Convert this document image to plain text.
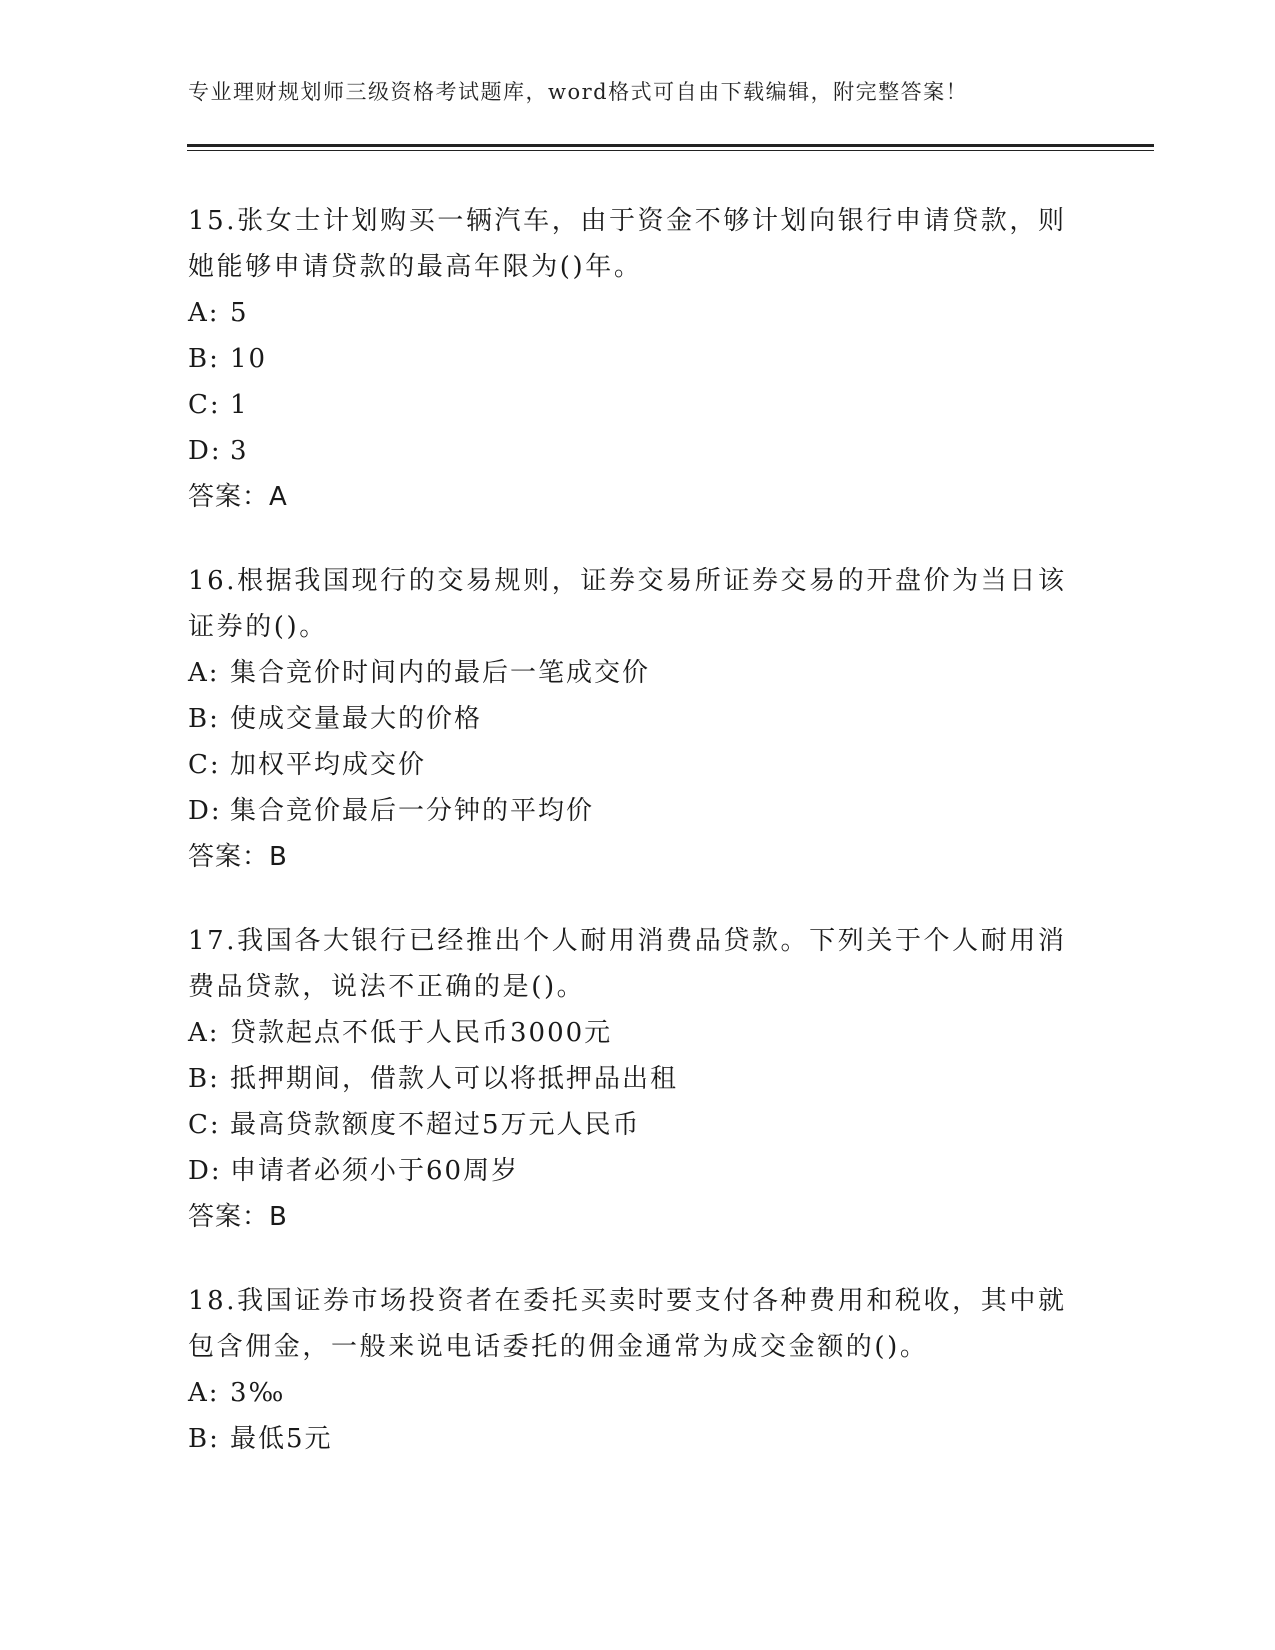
专业理财规划师三级资格考试题库，word格式可自由下载编辑，附完整答案！

15.张女士计划购买一辆汽车，由于资金不够计划向银行申请贷款，则她能够申请贷款的最高年限为()年。

A: 5
B: 10
C: 1
D: 3
答案：A

16.根据我国现行的交易规则，证券交易所证券交易的开盘价为当日该证券的()。

A: 集合竞价时间内的最后一笔成交价
B: 使成交量最大的价格
C: 加权平均成交价
D: 集合竞价最后一分钟的平均价
答案：B

17.我国各大银行已经推出个人耐用消费品贷款。下列关于个人耐用消费品贷款，说法不正确的是()。

A: 贷款起点不低于人民币3000元
B: 抵押期间，借款人可以将抵押品出租
C: 最高贷款额度不超过5万元人民币
D: 申请者必须小于60周岁
答案：B

18.我国证券市场投资者在委托买卖时要支付各种费用和税收，其中就包含佣金，一般来说电话委托的佣金通常为成交金额的()。

A: 3‰
B: 最低5元
